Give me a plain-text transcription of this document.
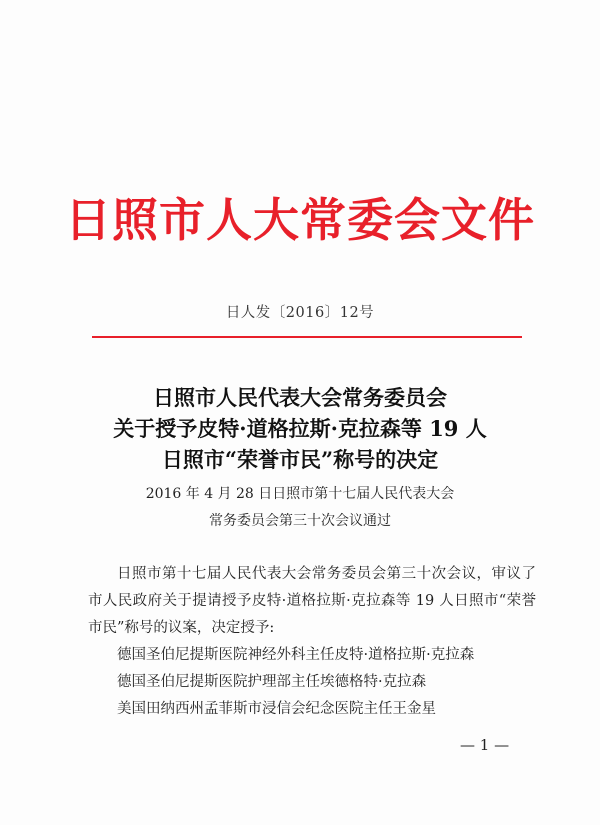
日照市人大常委会文件
日人发〔2016〕12号
日照市人民代表大会常务委员会
关于授予皮特·道格拉斯·克拉森等 19 人
日照市“荣誉市民”称号的决定
2016 年 4 月 28 日日照市第十七届人民代表大会
常务委员会第三十次会议通过

日照市第十七届人民代表大会常务委员会第三十次会议，审议了市人民政府关于提请授予皮特·道格拉斯·克拉森等 19 人日照市“荣誉市民”称号的议案，决定授予:

德国圣伯尼提斯医院神经外科主任皮特·道格拉斯·克拉森

德国圣伯尼提斯医院护理部主任埃德格特·克拉森

美国田纳西州孟菲斯市浸信会纪念医院主任王金星

— 1 —
